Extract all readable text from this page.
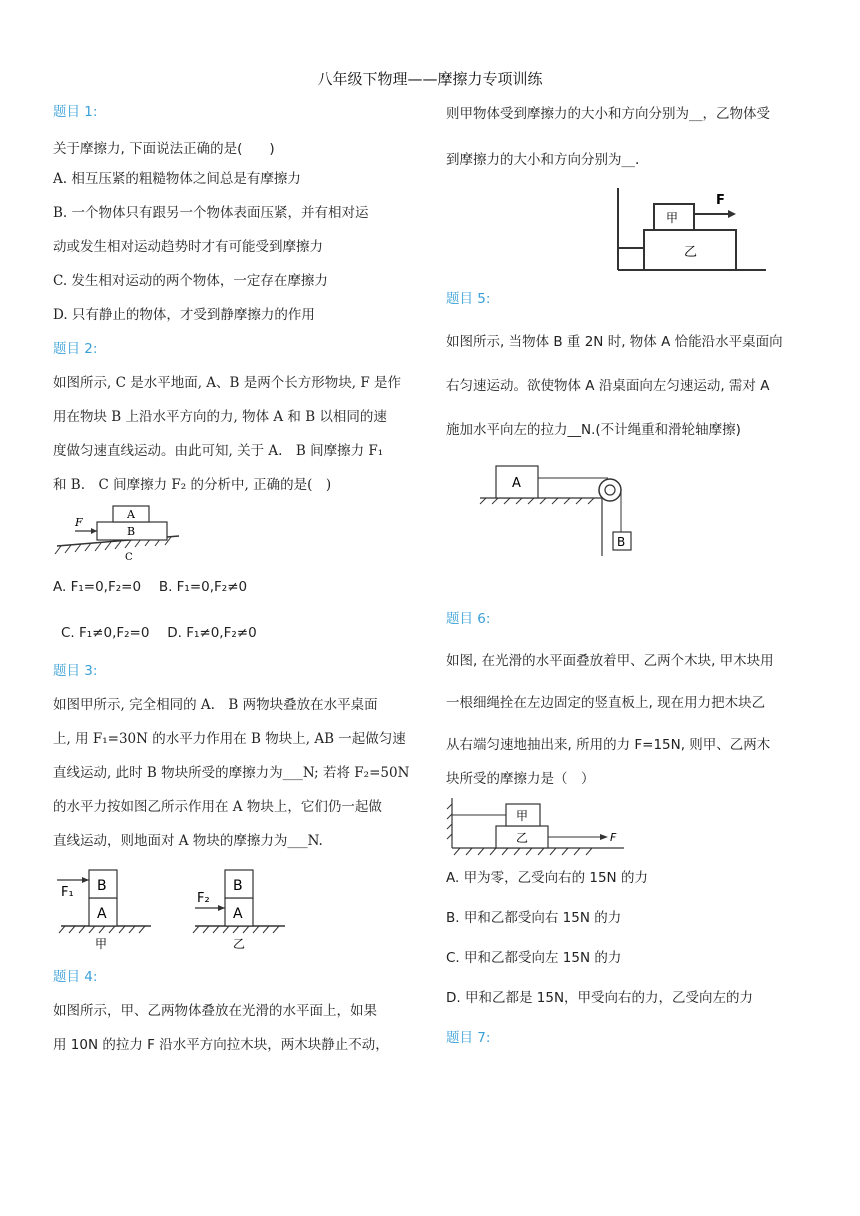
八年级下物理——摩擦力专项训练
题目 1:

关于摩擦力, 下面说法正确的是(　　)

A. 相互压紧的粗糙物体之间总是有摩擦力

B. 一个物体只有跟另一个物体表面压紧，并有相对运

动或发生相对运动趋势时才有可能受到摩擦力

C. 发生相对运动的两个物体，一定存在摩擦力

D. 只有静止的物体，才受到静摩擦力的作用

题目 2:

如图所示, C 是水平地面, A、B 是两个长方形物块, F 是作

用在物块 B 上沿水平方向的力, 物体 A 和 B 以相同的速

度做匀速直线运动。由此可知, 关于 A.　B 间摩擦力 F₁

和 B.　C 间摩擦力 F₂ 的分析中, 正确的是(　)

A
B
F
C

A. F₁=0,F₂=0　 B. F₁=0,F₂≠0

C. F₁≠0,F₂=0　 D. F₁≠0,F₂≠0

题目 3:

如图甲所示, 完全相同的 A.　B 两物块叠放在水平桌面

上, 用 F₁=30N 的水平力作用在 B 物块上, AB 一起做匀速

直线运动, 此时 B 物块所受的摩擦力为___N; 若将 F₂=50N

的水平力按如图乙所示作用在 A 物块上，它们仍一起做

直线运动，则地面对 A 物块的摩擦力为___N.

B
A
F₁
甲
B
A
F₂
乙
题目 4:

如图所示，甲、乙两物体叠放在光滑的水平面上，如果

用 10N 的拉力 F 沿水平方向拉木块，两木块静止不动，

则甲物体受到摩擦力的大小和方向分别为__，乙物体受

到摩擦力的大小和方向分别为__.

甲
乙
F
题目 5:

如图所示, 当物体 B 重 2N 时, 物体 A 恰能沿水平桌面向

右匀速运动。欲使物体 A 沿桌面向左匀速运动, 需对 A

施加水平向左的拉力__N.(不计绳重和滑轮轴摩擦)

A
B
题目 6:

如图, 在光滑的水平面叠放着甲、乙两个木块, 甲木块用

一根细绳拴在左边固定的竖直板上, 现在用力把木块乙

从右端匀速地抽出来, 所用的力 F=15N, 则甲、乙两木

块所受的摩擦力是（　）

甲
乙	F

A. 甲为零，乙受向右的 15N 的力

B. 甲和乙都受向右 15N 的力

C. 甲和乙都受向左 15N 的力

D. 甲和乙都是 15N，甲受向右的力，乙受向左的力

题目 7:
